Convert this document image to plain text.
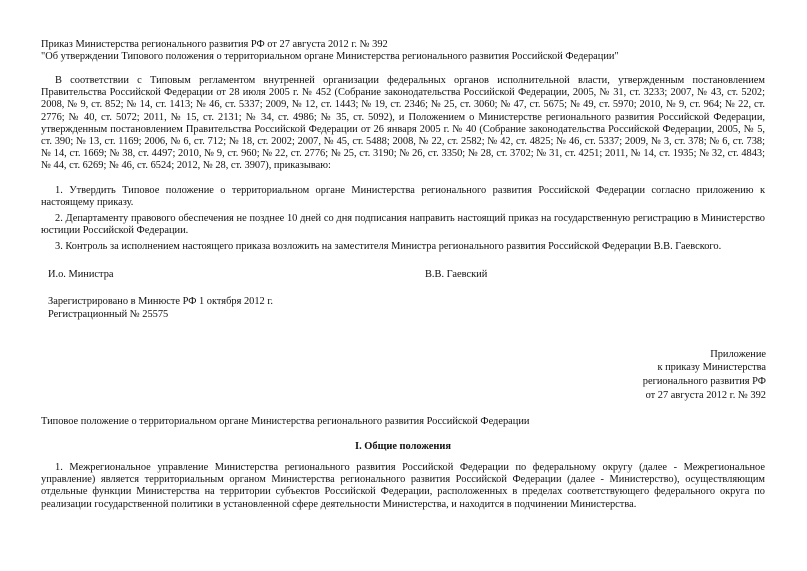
Приказ Министерства регионального развития РФ от 27 августа 2012 г. № 392
"Об утверждении Типового положения о территориальном органе Министерства регионального развития Российской Федерации"
В соответствии с Типовым регламентом внутренней организации федеральных органов исполнительной власти, утвержденным постановлением Правительства Российской Федерации от 28 июля 2005 г. № 452 (Собрание законодательства Российской Федерации, 2005, № 31, ст. 3233; 2007, № 43, ст. 5202; 2008, № 9, ст. 852; № 14, ст. 1413; № 46, ст. 5337; 2009, № 12, ст. 1443; № 19, ст. 2346; № 25, ст. 3060; № 47, ст. 5675; № 49, ст. 5970; 2010, № 9, ст. 964; № 22, ст. 2776; № 40, ст. 5072; 2011, № 15, ст. 2131; № 34, ст. 4986; № 35, ст. 5092), и Положением о Министерстве регионального развития Российской Федерации, утвержденным постановлением Правительства Российской Федерации от 26 января 2005 г. № 40 (Собрание законодательства Российской Федерации, 2005, № 5, ст. 390; № 13, ст. 1169; 2006, № 6, ст. 712; № 18, ст. 2002; 2007, № 45, ст. 5488; 2008, № 22, ст. 2582; № 42, ст. 4825; № 46, ст. 5337; 2009, № 3, ст. 378; № 6, ст. 738; № 14, ст. 1669; № 38, ст. 4497; 2010, № 9, ст. 960; № 22, ст. 2776; № 25, ст. 3190; № 26, ст. 3350; № 28, ст. 3702; № 31, ст. 4251; 2011, № 14, ст. 1935; № 32, ст. 4843; № 44, ст. 6269; № 46, ст. 6524; 2012, № 28, ст. 3907), приказываю:
1. Утвердить Типовое положение о территориальном органе Министерства регионального развития Российской Федерации согласно приложению к настоящему приказу.
2. Департаменту правового обеспечения не позднее 10 дней со дня подписания направить настоящий приказ на государственную регистрацию в Министерство юстиции Российской Федерации.
3. Контроль за исполнением настоящего приказа возложить на заместителя Министра регионального развития Российской Федерации В.В. Гаевского.
И.о. Министра	В.В. Гаевский
Зарегистрировано в Минюсте РФ 1 октября 2012 г.
Регистрационный № 25575
Приложение
к приказу Министерства
регионального развития РФ
от 27 августа 2012 г. № 392
Типовое положение о территориальном органе Министерства регионального развития Российской Федерации
I. Общие положения
1. Межрегиональное управление Министерства регионального развития Российской Федерации по федеральному округу (далее - Межрегиональное управление) является территориальным органом Министерства регионального развития Российской Федерации (далее - Министерство), осуществляющим отдельные функции Министерства на территории субъектов Российской Федерации, расположенных в пределах соответствующего федерального округа по реализации государственной политики в установленной сфере деятельности Министерства, и находится в подчинении Министерства.
